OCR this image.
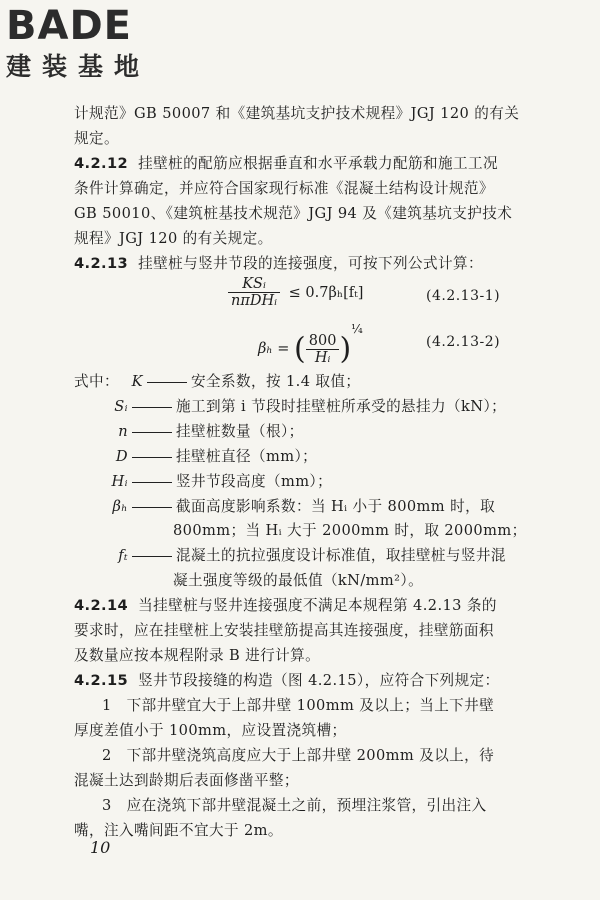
BADE
建装基地
计规范》GB 50007 和《建筑基坑支护技术规程》JGJ 120 的有关
规定。
4.2.12 挂壁桩的配筋应根据垂直和水平承载力配筋和施工工况
条件计算确定，并应符合国家现行标准《混凝土结构设计规范》
GB 50010、《建筑桩基技术规范》JGJ 94 及《建筑基坑支护技术
规程》JGJ 120 的有关规定。
4.2.13 挂壁桩与竖井节段的连接强度，可按下列公式计算：
$\frac{\text{KSᵢ}}{\text{nπDHᵢ}} \le 0.7\beta_h[f_t]$	(4.2.13-1)
βₕ = ( $\frac{800}{\text{Hᵢ}} )^{\frac{1}{4}}$
(4.2.13-2)
式中： K	安全系数，按 1.4 取值；
Sᵢ	施工到第 i 节段时挂壁桩所承受的悬挂力（kN）；
n	挂壁桩数量（根）；
D	挂壁桩直径（mm）；
Hᵢ	竖井节段高度（mm）；
βₕ	截面高度影响系数：当 Hᵢ 小于 800mm 时，取
800mm；当 Hᵢ 大于 2000mm 时，取 2000mm；
fₜ	混凝土的抗拉强度设计标准值，取挂壁桩与竖井混
凝土强度等级的最低值（kN/mm²）。
4.2.14 当挂壁桩与竖井连接强度不满足本规程第 4.2.13 条的
要求时，应在挂壁桩上安装挂壁筋提高其连接强度，挂壁筋面积
及数量应按本规程附录 B 进行计算。
4.2.15 竖井节段接缝的构造（图 4.2.15），应符合下列规定：
1　下部井壁宜大于上部井壁 100mm 及以上；当上下井壁
厚度差值小于 100mm，应设置浇筑槽；
2　下部井壁浇筑高度应大于上部井壁 200mm 及以上，待
混凝土达到龄期后表面修凿平整；
3　应在浇筑下部井壁混凝土之前，预埋注浆管，引出注入
嘴，注入嘴间距不宜大于 2m。
10
